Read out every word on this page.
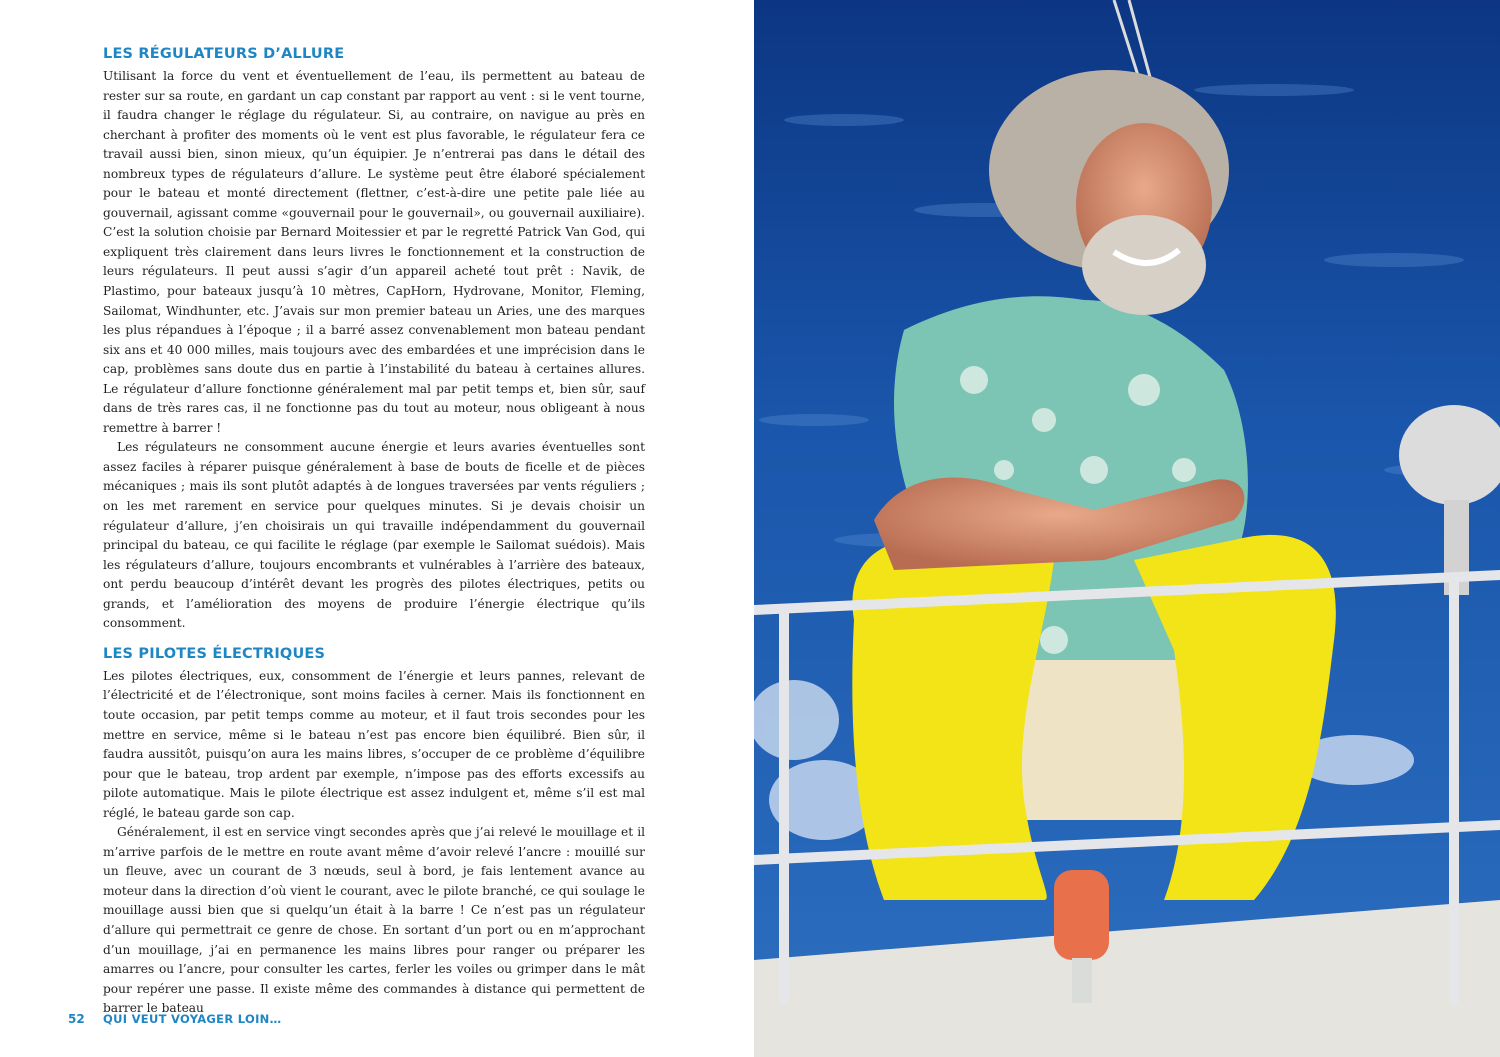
LES RÉGULATEURS D’ALLURE

Utilisant la force du vent et éventuellement de l’eau, ils permettent au bateau de rester sur sa route, en gardant un cap constant par rapport au vent : si le vent tourne, il faudra changer le réglage du régulateur. Si, au contraire, on navigue au près en cherchant à profiter des moments où le vent est plus favorable, le régulateur fera ce travail aussi bien, sinon mieux, qu’un équipier. Je n’entrerai pas dans le détail des nombreux types de régulateurs d’allure. Le système peut être élaboré spécialement pour le bateau et monté directement (flettner, c’est-à-dire une petite pale liée au gouvernail, agissant comme «gouvernail pour le gouvernail», ou gouvernail auxiliaire). C’est la solution choisie par Bernard Moitessier et par le regretté Patrick Van God, qui expliquent très clairement dans leurs livres le fonctionnement et la construction de leurs régulateurs. Il peut aussi s’agir d’un appareil acheté tout prêt : Navik, de Plastimo, pour bateaux jusqu’à 10 mètres, CapHorn, Hydrovane, Monitor, Fleming, Sailomat, Windhunter, etc. J’avais sur mon premier bateau un Aries, une des marques les plus répandues à l’époque ; il a barré assez convenablement mon bateau pendant six ans et 40 000 milles, mais toujours avec des embardées et une imprécision dans le cap, problèmes sans doute dus en partie à l’instabilité du bateau à certaines allures. Le régulateur d’allure fonctionne généralement mal par petit temps et, bien sûr, sauf dans de très rares cas, il ne fonctionne pas du tout au moteur, nous obligeant à nous remettre à barrer !

Les régulateurs ne consomment aucune énergie et leurs avaries éventuelles sont assez faciles à réparer puisque généralement à base de bouts de ficelle et de pièces mécaniques ; mais ils sont plutôt adaptés à de longues traversées par vents réguliers ; on les met rarement en service pour quelques minutes. Si je devais choisir un régulateur d’allure, j’en choisirais un qui travaille indépendamment du gouvernail principal du bateau, ce qui facilite le réglage (par exemple le Sailomat suédois). Mais les régulateurs d’allure, toujours encombrants et vulnérables à l’arrière des bateaux, ont perdu beaucoup d’intérêt devant les progrès des pilotes électriques, petits ou grands, et l’amélioration des moyens de produire l’énergie électrique qu’ils consomment.

LES PILOTES ÉLECTRIQUES

Les pilotes électriques, eux, consomment de l’énergie et leurs pannes, relevant de l’électricité et de l’électronique, sont moins faciles à cerner. Mais ils fonctionnent en toute occasion, par petit temps comme au moteur, et il faut trois secondes pour les mettre en service, même si le bateau n’est pas encore bien équilibré. Bien sûr, il faudra aussitôt, puisqu’on aura les mains libres, s’occuper de ce problème d’équilibre pour que le bateau, trop ardent par exemple, n’impose pas des efforts excessifs au pilote automatique. Mais le pilote électrique est assez indulgent et, même s’il est mal réglé, le bateau garde son cap.

Généralement, il est en service vingt secondes après que j’ai relevé le mouillage et il m’arrive parfois de le mettre en route avant même d’avoir relevé l’ancre : mouillé sur un fleuve, avec un courant de 3 nœuds, seul à bord, je fais lentement avance au moteur dans la direction d’où vient le courant, avec le pilote branché, ce qui soulage le mouillage aussi bien que si quelqu’un était à la barre ! Ce n’est pas un régulateur d’allure qui permettrait ce genre de chose. En sortant d’un port ou en m’approchant d’un mouillage, j’ai en permanence les mains libres pour ranger ou préparer les amarres ou l’ancre, pour consulter les cartes, ferler les voiles ou grimper dans le mât pour repérer une passe. Il existe même des commandes à distance qui permettent de barrer le bateau

52 QUI VEUT VOYAGER LOIN…
